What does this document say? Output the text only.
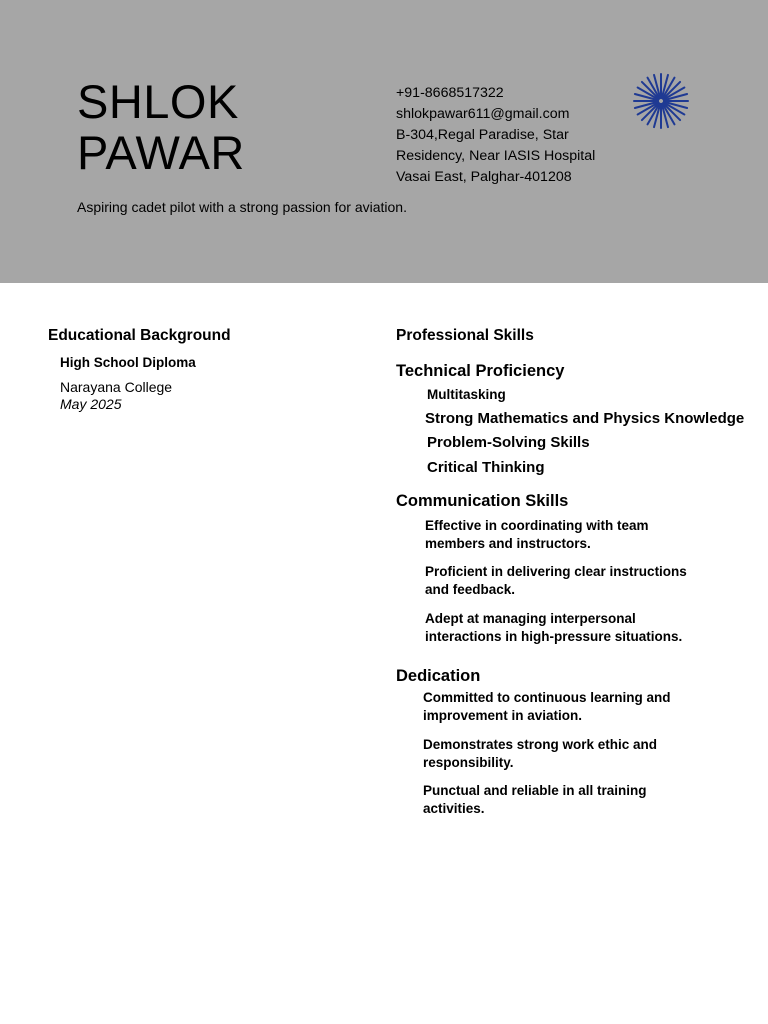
SHLOK
PAWAR
+91-8668517322
shlokpawar611@gmail.com
B-304,Regal Paradise, Star
Residency, Near IASIS Hospital
Vasai East, Palghar-401208
Aspiring cadet pilot with a strong passion for aviation.
Educational Background
High School Diploma
Narayana College
May 2025
Professional Skills
Technical Proficiency
Multitasking
Strong Mathematics and Physics Knowledge
Problem-Solving Skills
Critical Thinking
Communication Skills
Effective in coordinating with team
members and instructors.
Proficient in delivering clear instructions
and feedback.
Adept at managing interpersonal
interactions in high-pressure situations.
Dedication
Committed to continuous learning and
improvement in aviation.
Demonstrates strong work ethic and
responsibility.
Punctual and reliable in all training
activities.
